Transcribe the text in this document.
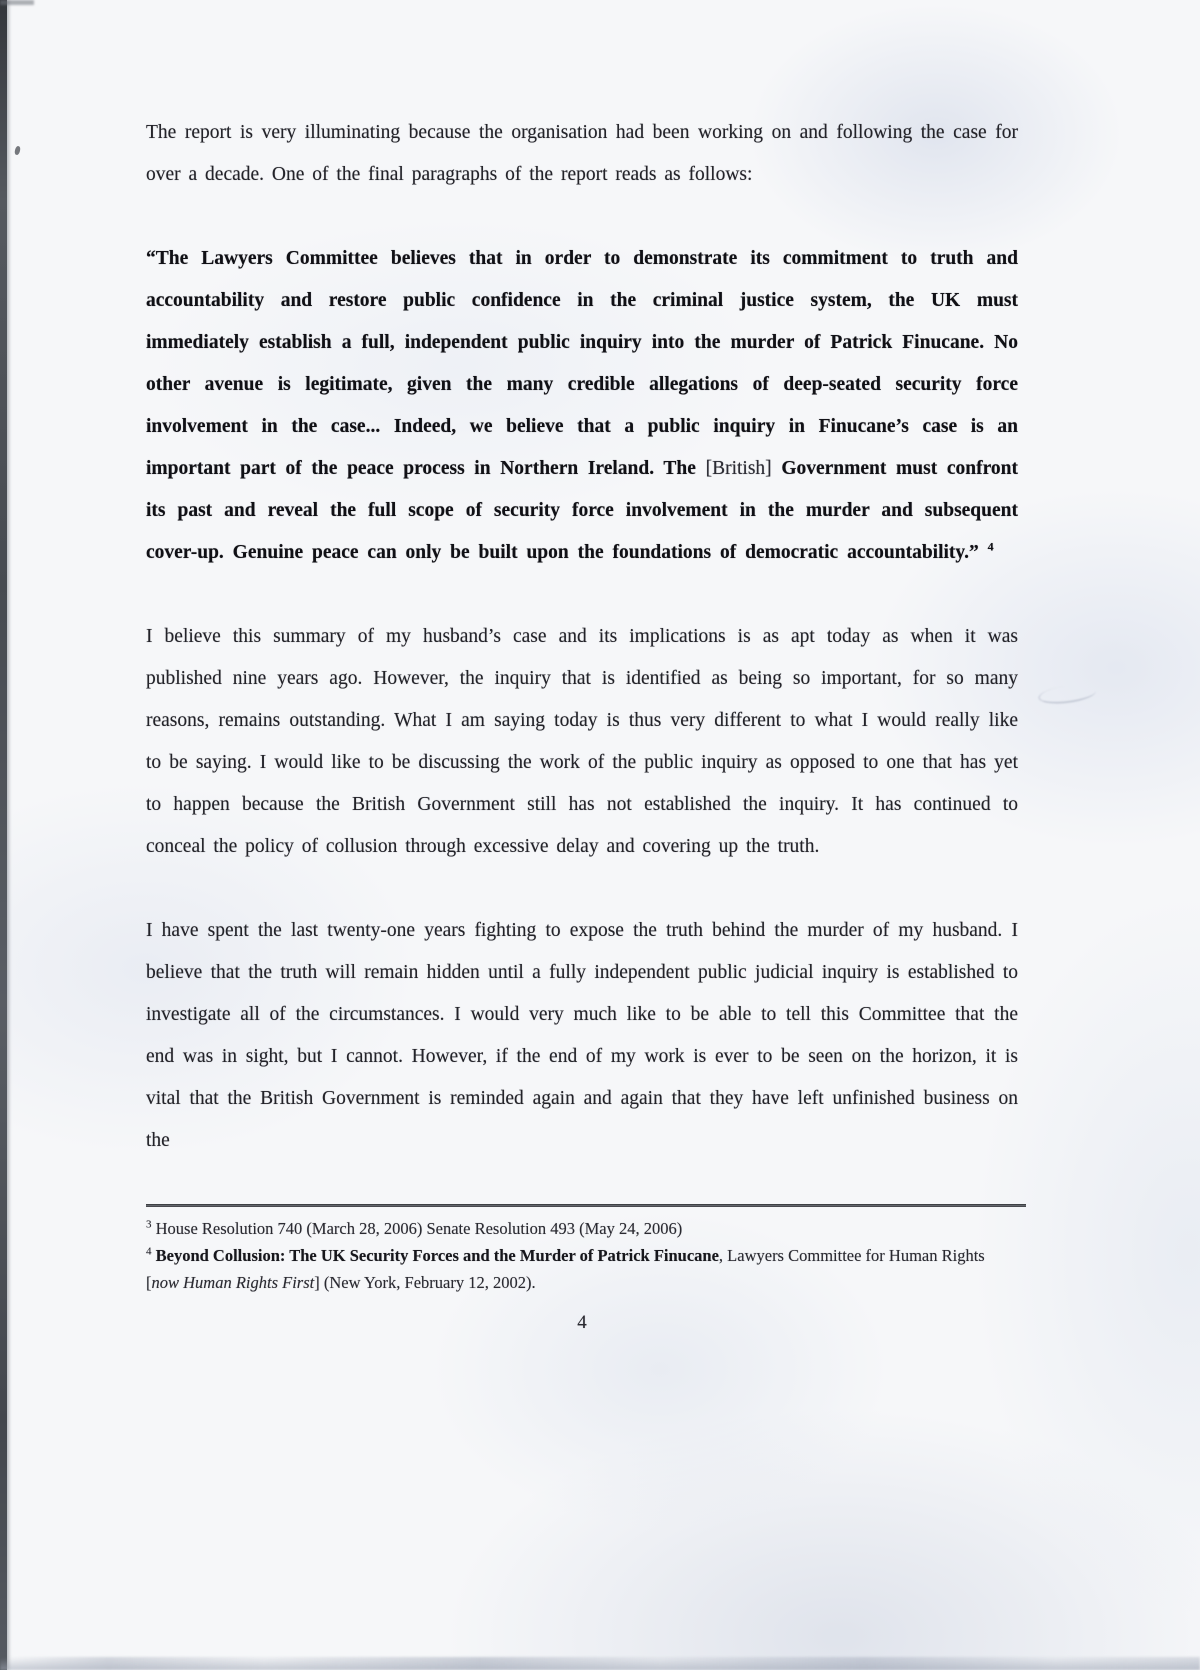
The report is very illuminating because the organisation had been working on and following the case for over a decade. One of the final paragraphs of the report reads as follows:

“The Lawyers Committee believes that in order to demonstrate its commitment to truth and accountability and restore public confidence in the criminal justice system, the UK must immediately establish a full, independent public inquiry into the murder of Patrick Finucane. No other avenue is legitimate, given the many credible allegations of deep-seated security force involvement in the case... Indeed, we believe that a public inquiry in Finucane’s case is an important part of the peace process in Northern Ireland. The [British] Government must confront its past and reveal the full scope of security force involvement in the murder and subsequent cover-up. Genuine peace can only be built upon the foundations of democratic accountability.” $^4$

I believe this summary of my husband’s case and its implications is as apt today as when it was published nine years ago. However, the inquiry that is identified as being so important, for so many reasons, remains outstanding. What I am saying today is thus very different to what I would really like to be saying. I would like to be discussing the work of the public inquiry as opposed to one that has yet to happen because the British Government still has not established the inquiry. It has continued to conceal the policy of collusion through excessive delay and covering up the truth.

I have spent the last twenty-one years fighting to expose the truth behind the murder of my husband. I believe that the truth will remain hidden until a fully independent public judicial inquiry is established to investigate all of the circumstances. I would very much like to be able to tell this Committee that the end was in sight, but I cannot. However, if the end of my work is ever to be seen on the horizon, it is vital that the British Government is reminded again and again that they have left unfinished business on the

$^3$ House Resolution 740 (March 28, 2006) Senate Resolution 493 (May 24, 2006)

$^4$ Beyond Collusion: The UK Security Forces and the Murder of Patrick Finucane, Lawyers Committee for Human Rights [now Human Rights First] (New York, February 12, 2002).

4
